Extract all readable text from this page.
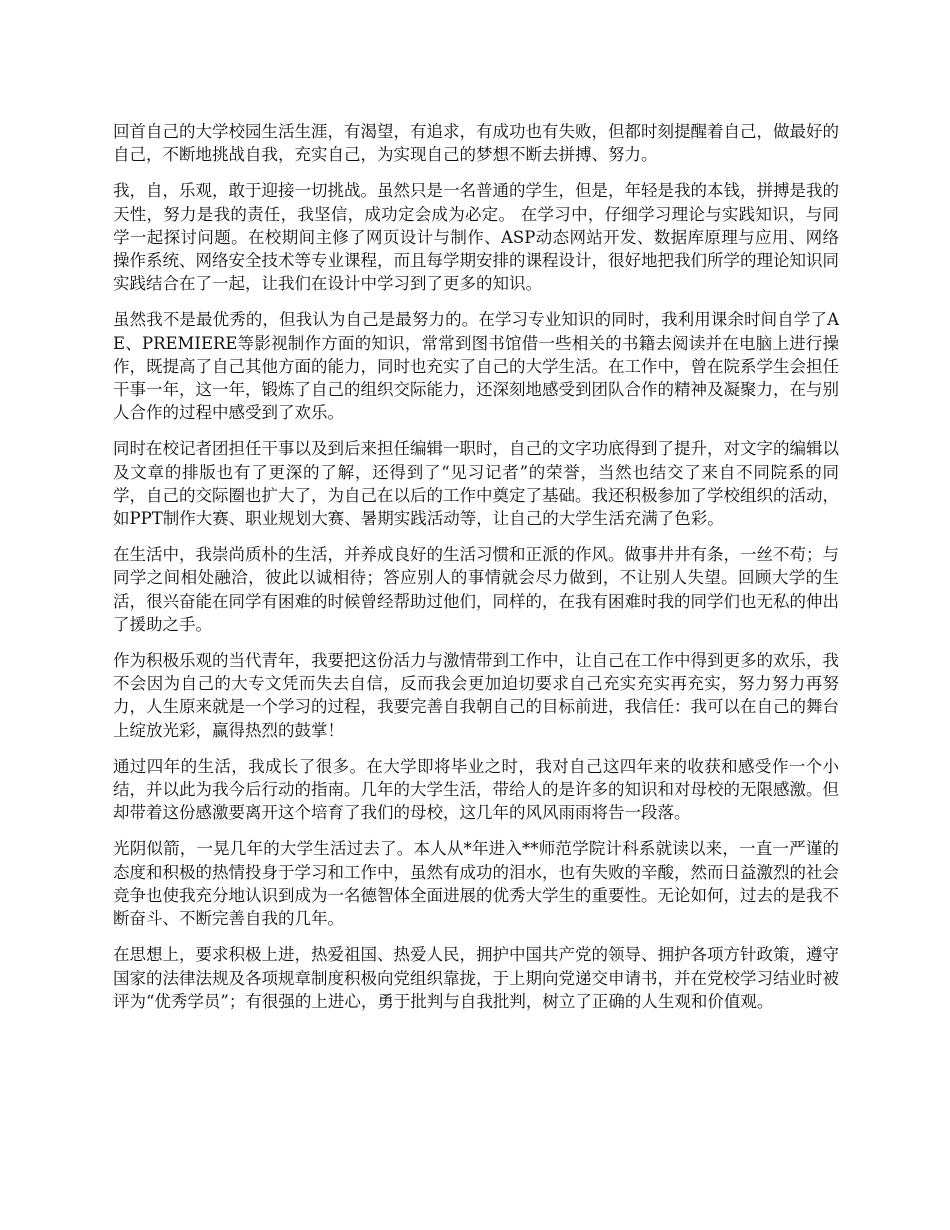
回首自己的大学校园生活生涯，有渴望，有追求，有成功也有失败，但都时刻提醒着自己，做最好的自己，不断地挑战自我，充实自己，为实现自己的梦想不断去拼搏、努力。

我，自，乐观，敢于迎接一切挑战。虽然只是一名普通的学生，但是，年轻是我的本钱，拼搏是我的天性，努力是我的责任，我坚信，成功定会成为必定。 在学习中，仔细学习理论与实践知识，与同学一起探讨问题。在校期间主修了网页设计与制作、ASP动态网站开发、数据库原理与应用、网络操作系统、网络安全技术等专业课程，而且每学期安排的课程设计，很好地把我们所学的理论知识同实践结合在了一起，让我们在设计中学习到了更多的知识。

虽然我不是最优秀的，但我认为自己是最努力的。在学习专业知识的同时，我利用课余时间自学了AE、PREMIERE等影视制作方面的知识，常常到图书馆借一些相关的书籍去阅读并在电脑上进行操作，既提高了自己其他方面的能力，同时也充实了自己的大学生活。在工作中，曾在院系学生会担任干事一年，这一年，锻炼了自己的组织交际能力，还深刻地感受到团队合作的精神及凝聚力，在与别人合作的过程中感受到了欢乐。

同时在校记者团担任干事以及到后来担任编辑一职时，自己的文字功底得到了提升，对文字的编辑以及文章的排版也有了更深的了解，还得到了“见习记者”的荣誉，当然也结交了来自不同院系的同学，自己的交际圈也扩大了，为自己在以后的工作中奠定了基础。我还积极参加了学校组织的活动，如PPT制作大赛、职业规划大赛、暑期实践活动等，让自己的大学生活充满了色彩。

在生活中，我崇尚质朴的生活，并养成良好的生活习惯和正派的作风。做事井井有条，一丝不苟；与同学之间相处融洽，彼此以诚相待；答应别人的事情就会尽力做到，不让别人失望。回顾大学的生活，很兴奋能在同学有困难的时候曾经帮助过他们，同样的，在我有困难时我的同学们也无私的伸出了援助之手。

作为积极乐观的当代青年，我要把这份活力与激情带到工作中，让自己在工作中得到更多的欢乐，我不会因为自己的大专文凭而失去自信，反而我会更加迫切要求自己充实充实再充实，努力努力再努力，人生原来就是一个学习的过程，我要完善自我朝自己的目标前进，我信任：我可以在自己的舞台上绽放光彩，赢得热烈的鼓掌！

通过四年的生活，我成长了很多。在大学即将毕业之时，我对自己这四年来的收获和感受作一个小结，并以此为我今后行动的指南。几年的大学生活，带给人的是许多的知识和对母校的无限感激。但却带着这份感激要离开这个培育了我们的母校，这几年的风风雨雨将告一段落。

光阴似箭，一晃几年的大学生活过去了。本人从*年进入**师范学院计科系就读以来，一直一严谨的态度和积极的热情投身于学习和工作中，虽然有成功的泪水，也有失败的辛酸，然而日益激烈的社会竞争也使我充分地认识到成为一名德智体全面进展的优秀大学生的重要性。无论如何，过去的是我不断奋斗、不断完善自我的几年。

在思想上，要求积极上进，热爱祖国、热爱人民，拥护中国共产党的领导、拥护各项方针政策，遵守国家的法律法规及各项规章制度积极向党组织靠拢，于上期向党递交申请书，并在党校学习结业时被评为“优秀学员”；有很强的上进心，勇于批判与自我批判，树立了正确的人生观和价值观。
